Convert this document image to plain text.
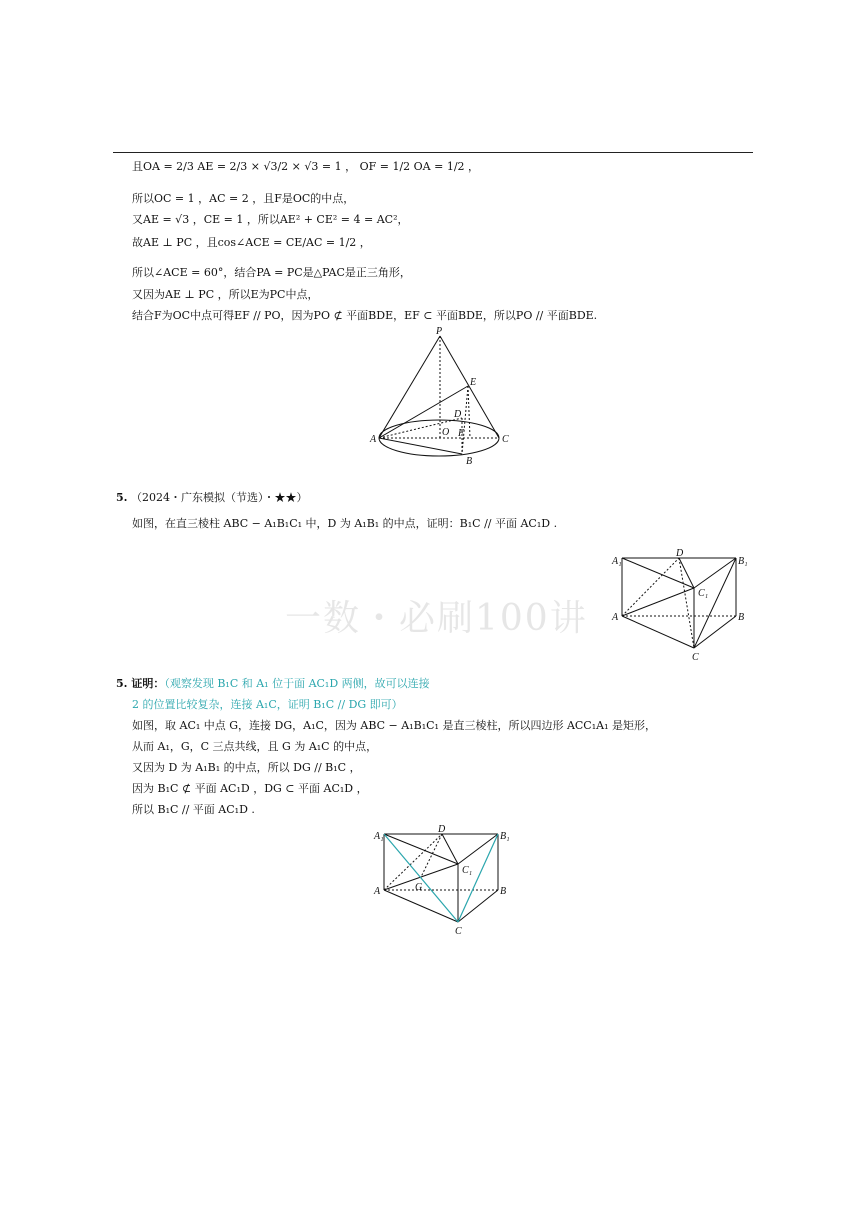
且OA = 2/3 AE = 2/3 × √3/2 × √3 = 1 ， OF = 1/2 OA = 1/2 ，
所以OC = 1 ，AC = 2 ，且F是OC的中点，
又AE = √3 ，CE = 1 ，所以AE² + CE² = 4 = AC²，
故AE ⊥ PC ，且cos∠ACE = CE/AC = 1/2 ，
所以∠ACE = 60°，结合PA = PC是△PAC是正三角形，
又因为AE ⊥ PC ，所以E为PC中点，
结合F为OC中点可得EF // PO，因为PO ⊄ 平面BDE，EF ⊂ 平面BDE，所以PO // 平面BDE.
P
E
D
O F
A	C
B
5. （2024・广东模拟（节选）・★★）
如图，在直三棱柱 ABC − A₁B₁C₁ 中，D 为 A₁B₁ 的中点，证明：B₁C // 平面 AC₁D .
A₁
D
B₁
C₁
A	B
C
一数・必刷100讲
5. 证明：（观察发现 B₁C 和 A₁ 位于面 AC₁D 两侧，故可以连接
2 的位置比较复杂，连接 A₁C，证明 B₁C // DG 即可）
如图，取 AC₁ 中点 G，连接 DG，A₁C，因为 ABC − A₁B₁C₁ 是直三棱柱，所以四边形 ACC₁A₁ 是矩形，
从而 A₁，G，C 三点共线，且 G 为 A₁C 的中点，
又因为 D 为 A₁B₁ 的中点，所以 DG // B₁C ，
因为 B₁C ⊄ 平面 AC₁D ，DG ⊂ 平面 AC₁D ，
所以 B₁C // 平面 AC₁D .
A₁
D
B₁
C₁
G
A	B
C
